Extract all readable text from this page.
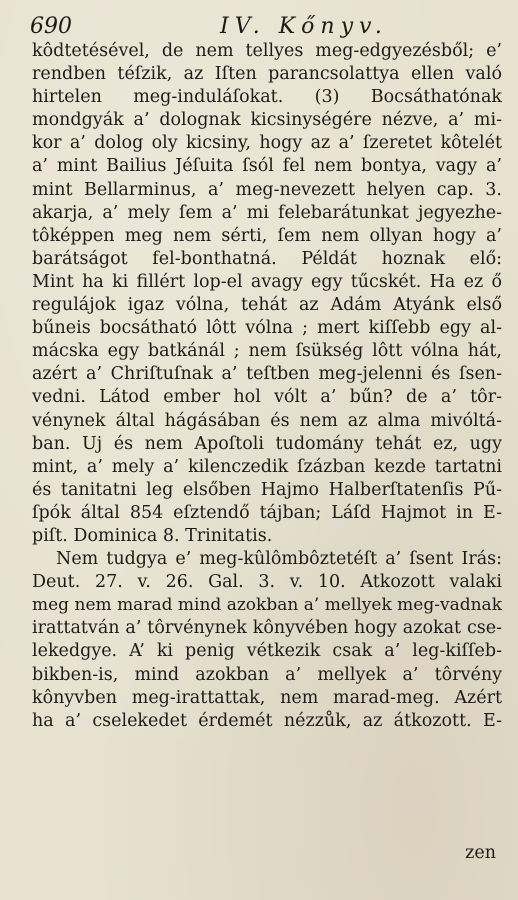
690	IV. Kőnyv.
kôdtetésével, de nem tellyes meg-edgyezésből; e’
rendben téſzik, az Iſten parancsolattya ellen való
hirtelen meg-induláſokat. (3) Bocsáthatónak
mondgyák a’ dolognak kicsinységére nézve, a’ mi-
kor a’ dolog oly kicsiny, hogy az a’ ſzeretet kôtelét
a’ mint Bailius Jéſuita ſsól fel nem bontya, vagy a’
mint Bellarminus, a’ meg-nevezett helyen cap. 3.
akarja, a’ mely ſem a’ mi felebarátunkat jegyezhe-
tôképpen meg nem sérti, ſem nem ollyan hogy a’
barátságot fel-bonthatná. Példát hoznak elő:
Mint ha ki fillért lop-el avagy egy tűcskét. Ha ez ő
regulájok igaz vólna, tehát az Adám Atyánk első
bűneis bocsátható lôtt vólna ; mert kiſſebb egy al-
mácska egy batkánál ; nem ſsükség lôtt vólna hát,
azért a’ Chriſtuſnak a’ teſtben meg-jelenni és ſsen-
vedni. Látod ember hol vólt a’ bűn? de a’ tôr-
vénynek által hágásában és nem az alma mivóltá-
ban. Uj és nem Apoſtoli tudomány tehát ez, ugy
mint, a’ mely a’ kilenczedik ſzázban kezde tartatni
és tanitatni leg elsőben Hajmo Halberſtatenſis Pű-
ſpók által 854 eſztendő tájban; Láſd Hajmot in E-
piſt. Dominica 8. Trinitatis.
Nem tudgya e’ meg-kûlômbôztetéſt a’ ſsent Irás:
Deut. 27. v. 26. Gal. 3. v. 10. Atkozott valaki
meg nem marad mind azokban a’ mellyek meg-vadnak
irattatván a’ tôrvénynek kônyvében hogy azokat cse-
lekedgye. A’ ki penig vétkezik csak a’ leg-kiſſeb-
bikben-is, mind azokban a’ mellyek a’ tôrvény
kônyvben meg-irattattak, nem marad-meg. Azért
ha a’ cselekedet érdemét nézzůk, az átkozott. E-
zen
